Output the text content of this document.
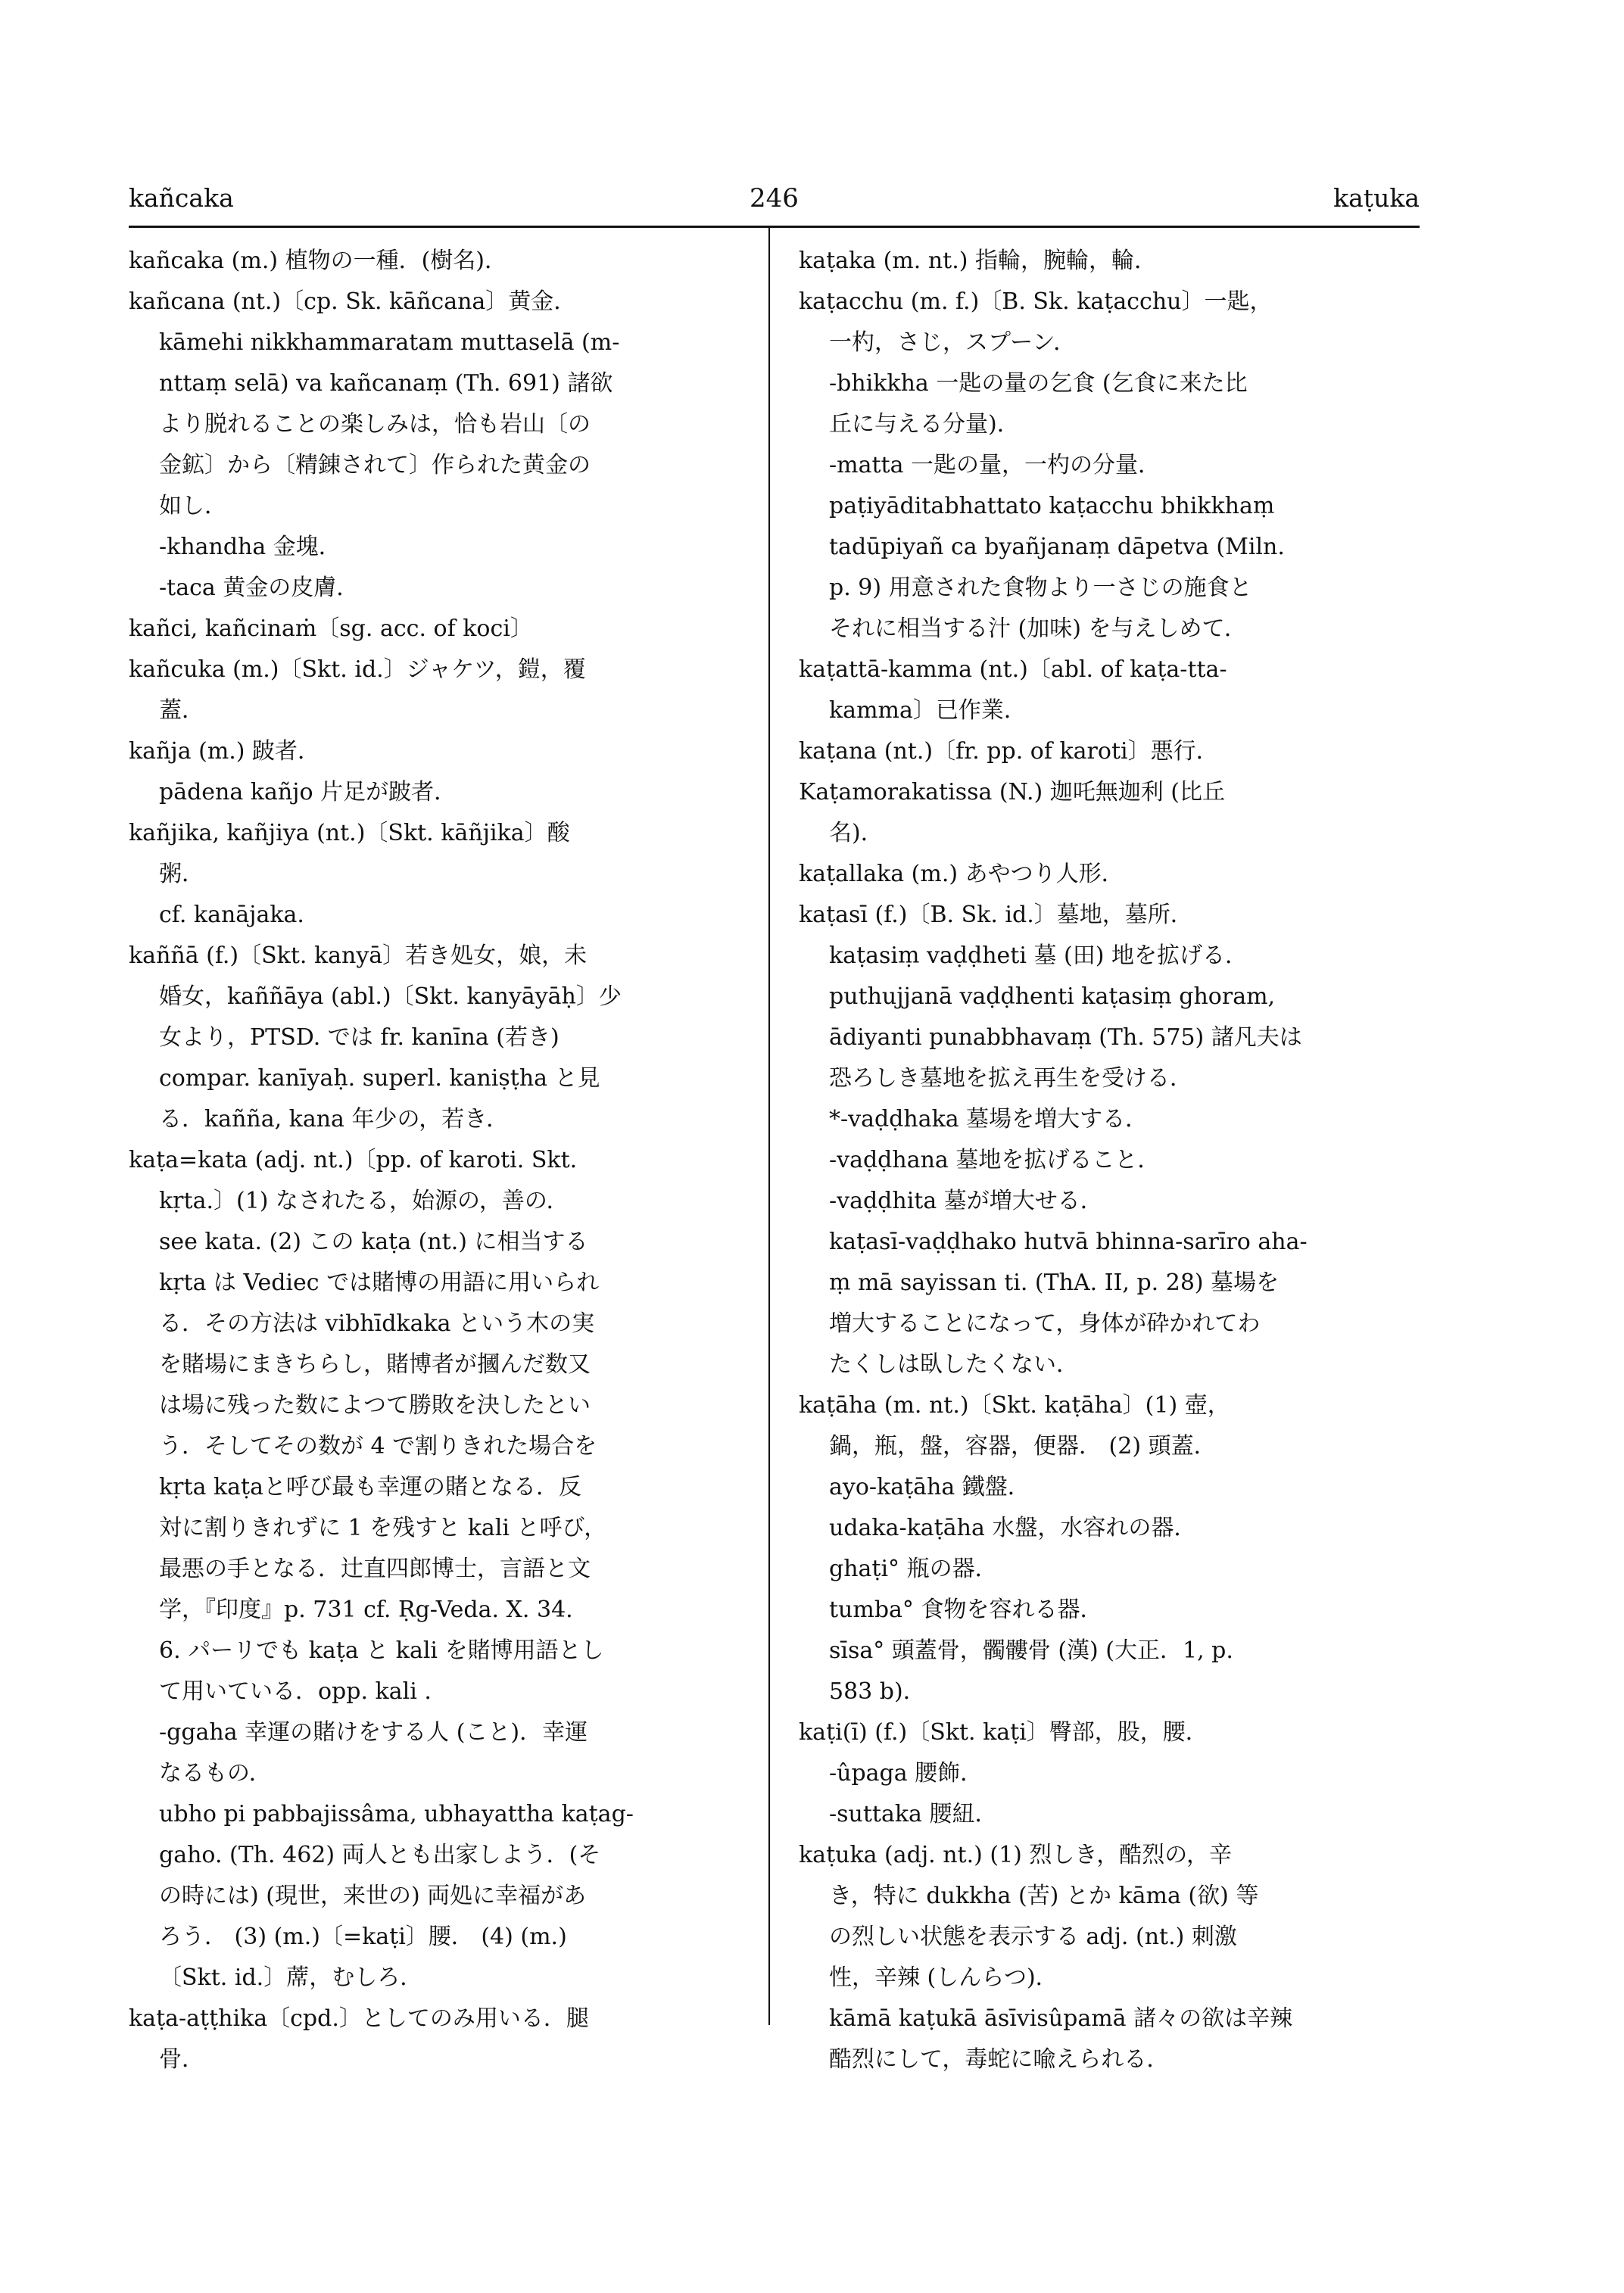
kañcaka	246	kaṭuka
kañcaka (m.) 植物の一種．(樹名)．
kañcana (nt.)〔cp. Sk. kāñcana〕黄金．
kāmehi nikkhammaratam muttaselā (m-
nttaṃ selā) va kañcanaṃ (Th. 691) 諸欲
より脱れることの楽しみは，恰も岩山〔の
金鉱〕から〔精錬されて〕作られた黄金の
如し．
-khandha 金塊．
-taca 黄金の皮膚．
kañci, kañcinaṁ〔sg. acc. of koci〕
kañcuka (m.)〔Skt. id.〕ジャケツ，鎧，覆
蓋．
kañja (m.) 跛者．
pādena kañjo 片足が跛者．
kañjika, kañjiya (nt.)〔Skt. kāñjika〕酸
粥．
cf. kanājaka.
kaññā (f.)〔Skt. kanyā〕若き処女，娘，未
婚女，kaññāya (abl.)〔Skt. kanyāyāḥ〕少
女より，PTSD. では fr. kanīna (若き)
compar. kanīyaḥ. superl. kaniṣṭha と見
る．kañña, kana 年少の，若き．
kaṭa=kata (adj. nt.)〔pp. of karoti. Skt.
kṛta.〕(1) なされたる，始源の，善の．
see kata. (2) この kaṭa (nt.) に相当する
kṛta は Vediec では賭博の用語に用いられ
る．その方法は vibhīdkaka という木の実
を賭場にまきちらし，賭博者が摑んだ数又
は場に残った数によつて勝敗を決したとい
う．そしてその数が 4 で割りきれた場合を
kṛta kaṭaと呼び最も幸運の賭となる．反
対に割りきれずに 1 を残すと kali と呼び，
最悪の手となる．辻直四郎博士，言語と文
学，『印度』p. 731 cf. Ṛg-Veda. X. 34.
6. パーリでも kaṭa と kali を賭博用語とし
て用いている．opp. kali .
-ggaha 幸運の賭けをする人 (こと)．幸運
なるもの．
ubho pi pabbajissâma, ubhayattha kaṭag-
gaho. (Th. 462) 両人とも出家しよう．(そ
の時には) (現世，来世の) 両処に幸福があ
ろう． (3) (m.)〔=kaṭi〕腰． (4) (m.)
〔Skt. id.〕蓆，むしろ．
kaṭa-aṭṭhika〔cpd.〕としてのみ用いる．腿
骨．
kaṭaka (m. nt.) 指輪，腕輪，輪．
kaṭacchu (m. f.)〔B. Sk. kaṭacchu〕一匙，
一杓，さじ，スプーン．
-bhikkha 一匙の量の乞食 (乞食に来た比
丘に与える分量)．
-matta 一匙の量，一杓の分量．
paṭiyāditabhattato kaṭacchu bhikkhaṃ
tadūpiyañ ca byañjanaṃ dāpetva (Miln.
p. 9) 用意された食物より一さじの施食と
それに相当する汁 (加味) を与えしめて．
kaṭattā-kamma (nt.)〔abl. of kaṭa-tta-
kamma〕已作業．
kaṭana (nt.)〔fr. pp. of karoti〕悪行．
Kaṭamorakatissa (N.) 迦吒無迦利 (比丘
名)．
kaṭallaka (m.) あやつり人形．
kaṭasī (f.)〔B. Sk. id.〕墓地，墓所．
kaṭasiṃ vaḍḍheti 墓 (田) 地を拡げる．
puthujjanā vaḍḍhenti kaṭasiṃ ghoram,
ādiyanti punabbhavaṃ (Th. 575) 諸凡夫は
恐ろしき墓地を拡え再生を受ける．
*-vaḍḍhaka 墓場を増大する．
-vaḍḍhana 墓地を拡げること．
-vaḍḍhita 墓が増大せる．
kaṭasī-vaḍḍhako hutvā bhinna-sarīro aha-
ṃ mā sayissan ti. (ThA. II, p. 28) 墓場を
増大することになって，身体が砕かれてわ
たくしは臥したくない．
kaṭāha (m. nt.)〔Skt. kaṭāha〕(1) 壺，
鍋，瓶，盤，容器，便器． (2) 頭蓋．
ayo-kaṭāha 鐵盤．
udaka-kaṭāha 水盤，水容れの器．
ghaṭi° 瓶の器．
tumba° 食物を容れる器．
sīsa° 頭蓋骨，髑髏骨 (漢) (大正．1, p.
583 b)．
kaṭi(ī) (f.)〔Skt. kaṭi〕臀部，股，腰．
-ûpaga 腰飾．
-suttaka 腰紐．
kaṭuka (adj. nt.) (1) 烈しき，酷烈の，辛
き，特に dukkha (苦) とか kāma (欲) 等
の烈しい状態を表示する adj. (nt.) 刺激
性，辛辣 (しんらつ)．
kāmā kaṭukā āsīvisûpamā 諸々の欲は辛辣
酷烈にして，毒蛇に喩えられる．
